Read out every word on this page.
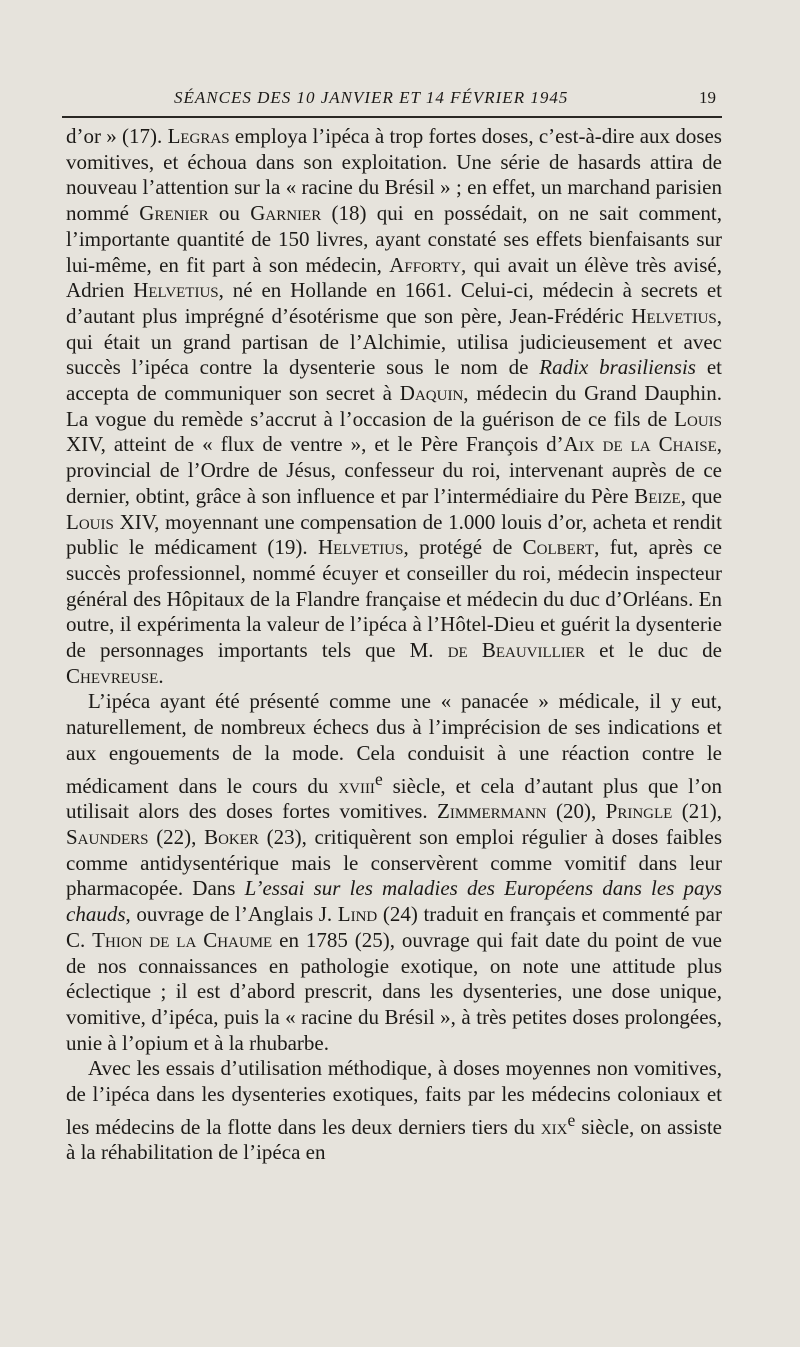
SÉANCES DES 10 JANVIER ET 14 FÉVRIER 1945	19

d’or » (17). Legras employa l’ipéca à trop fortes doses, c’est-à-dire aux doses vomitives, et échoua dans son exploitation. Une série de hasards attira de nouveau l’attention sur la « racine du Brésil » ; en effet, un marchand parisien nommé Grenier ou Garnier (18) qui en possédait, on ne sait comment, l’importante quantité de 150 livres, ayant constaté ses effets bienfaisants sur lui-même, en fit part à son médecin, Afforty, qui avait un élève très avisé, Adrien Helvetius, né en Hollande en 1661. Celui-ci, médecin à secrets et d’autant plus imprégné d’ésotérisme que son père, Jean-Frédéric Helvetius, qui était un grand partisan de l’Alchimie, utilisa judicieusement et avec succès l’ipéca contre la dysenterie sous le nom de Radix brasiliensis et accepta de communiquer son secret à Daquin, médecin du Grand Dauphin. La vogue du remède s’accrut à l’occasion de la guérison de ce fils de Louis XIV, atteint de « flux de ventre », et le Père François d’Aix de la Chaise, provincial de l’Ordre de Jésus, confesseur du roi, intervenant auprès de ce dernier, obtint, grâce à son influence et par l’intermédiaire du Père Beize, que Louis XIV, moyennant une compensation de 1.000 louis d’or, acheta et rendit public le médicament (19). Helvetius, protégé de Colbert, fut, après ce succès professionnel, nommé écuyer et conseiller du roi, médecin inspecteur général des Hôpitaux de la Flandre française et médecin du duc d’Orléans. En outre, il expérimenta la valeur de l’ipéca à l’Hôtel-Dieu et guérit la dysenterie de personnages importants tels que M. de Beauvillier et le duc de Chevreuse.

L’ipéca ayant été présenté comme une « panacée » médicale, il y eut, naturellement, de nombreux échecs dus à l’imprécision de ses indications et aux engouements de la mode. Cela conduisit à une réaction contre le médicament dans le cours du xviii$^e$ siècle, et cela d’autant plus que l’on utilisait alors des doses fortes vomitives. Zimmermann (20), Pringle (21), Saunders (22), Boker (23), critiquèrent son emploi régulier à doses faibles comme antidysentérique mais le conservèrent comme vomitif dans leur pharmacopée. Dans L’essai sur les maladies des Européens dans les pays chauds, ouvrage de l’Anglais J. Lind (24) traduit en français et commenté par C. Thion de la Chaume en 1785 (25), ouvrage qui fait date du point de vue de nos connaissances en pathologie exotique, on note une attitude plus éclectique ; il est d’abord prescrit, dans les dysenteries, une dose unique, vomitive, d’ipéca, puis la « racine du Brésil », à très petites doses prolongées, unie à l’opium et à la rhubarbe.

Avec les essais d’utilisation méthodique, à doses moyennes non vomitives, de l’ipéca dans les dysenteries exotiques, faits par les médecins coloniaux et les médecins de la flotte dans les deux derniers tiers du xix$^e$ siècle, on assiste à la réhabilitation de l’ipéca en
